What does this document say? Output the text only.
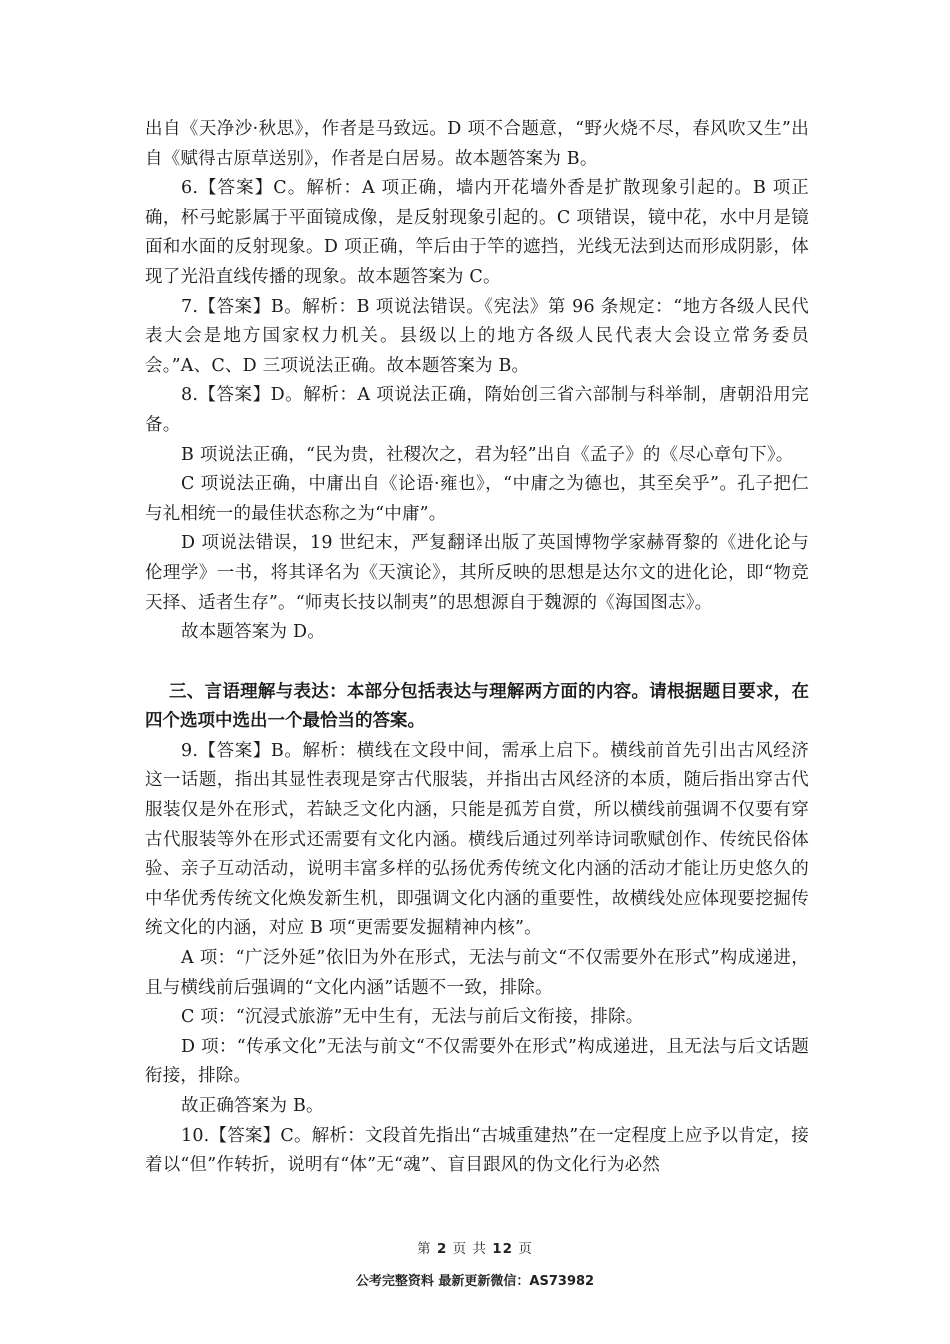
出自《天净沙·秋思》，作者是马致远。D 项不合题意，“野火烧不尽，春风吹又生”出自《赋得古原草送别》，作者是白居易。故本题答案为 B。

6.【答案】C。解析：A 项正确，墙内开花墙外香是扩散现象引起的。B 项正确，杯弓蛇影属于平面镜成像，是反射现象引起的。C 项错误，镜中花，水中月是镜面和水面的反射现象。D 项正确，竿后由于竿的遮挡，光线无法到达而形成阴影，体现了光沿直线传播的现象。故本题答案为 C。

7.【答案】B。解析：B 项说法错误。《宪法》第 96 条规定：“地方各级人民代表大会是地方国家权力机关。县级以上的地方各级人民代表大会设立常务委员会。”A、C、D 三项说法正确。故本题答案为 B。

8.【答案】D。解析：A 项说法正确，隋始创三省六部制与科举制，唐朝沿用完备。

B 项说法正确，“民为贵，社稷次之，君为轻”出自《孟子》的《尽心章句下》。

C 项说法正确，中庸出自《论语·雍也》，“中庸之为德也，其至矣乎”。孔子把仁与礼相统一的最佳状态称之为“中庸”。

D 项说法错误，19 世纪末，严复翻译出版了英国博物学家赫胥黎的《进化论与伦理学》一书，将其译名为《天演论》，其所反映的思想是达尔文的进化论，即“物竞天择、适者生存”。“师夷长技以制夷”的思想源自于魏源的《海国图志》。

故本题答案为 D。

三、言语理解与表达：本部分包括表达与理解两方面的内容。请根据题目要求，在四个选项中选出一个最恰当的答案。

9.【答案】B。解析：横线在文段中间，需承上启下。横线前首先引出古风经济这一话题，指出其显性表现是穿古代服装，并指出古风经济的本质，随后指出穿古代服装仅是外在形式，若缺乏文化内涵，只能是孤芳自赏，所以横线前强调不仅要有穿古代服装等外在形式还需要有文化内涵。横线后通过列举诗词歌赋创作、传统民俗体验、亲子互动活动，说明丰富多样的弘扬优秀传统文化内涵的活动才能让历史悠久的中华优秀传统文化焕发新生机，即强调文化内涵的重要性，故横线处应体现要挖掘传统文化的内涵，对应 B 项“更需要发掘精神内核”。

A 项：“广泛外延”依旧为外在形式，无法与前文“不仅需要外在形式”构成递进，且与横线前后强调的“文化内涵”话题不一致，排除。

C 项：“沉浸式旅游”无中生有，无法与前后文衔接，排除。

D 项：“传承文化”无法与前文“不仅需要外在形式”构成递进，且无法与后文话题衔接，排除。

故正确答案为 B。

10.【答案】C。解析：文段首先指出“古城重建热”在一定程度上应予以肯定，接着以“但”作转折，说明有“体”无“魂”、盲目跟风的伪文化行为必然

第 2 页 共 12 页
公考完整资料 最新更新微信：AS73982
